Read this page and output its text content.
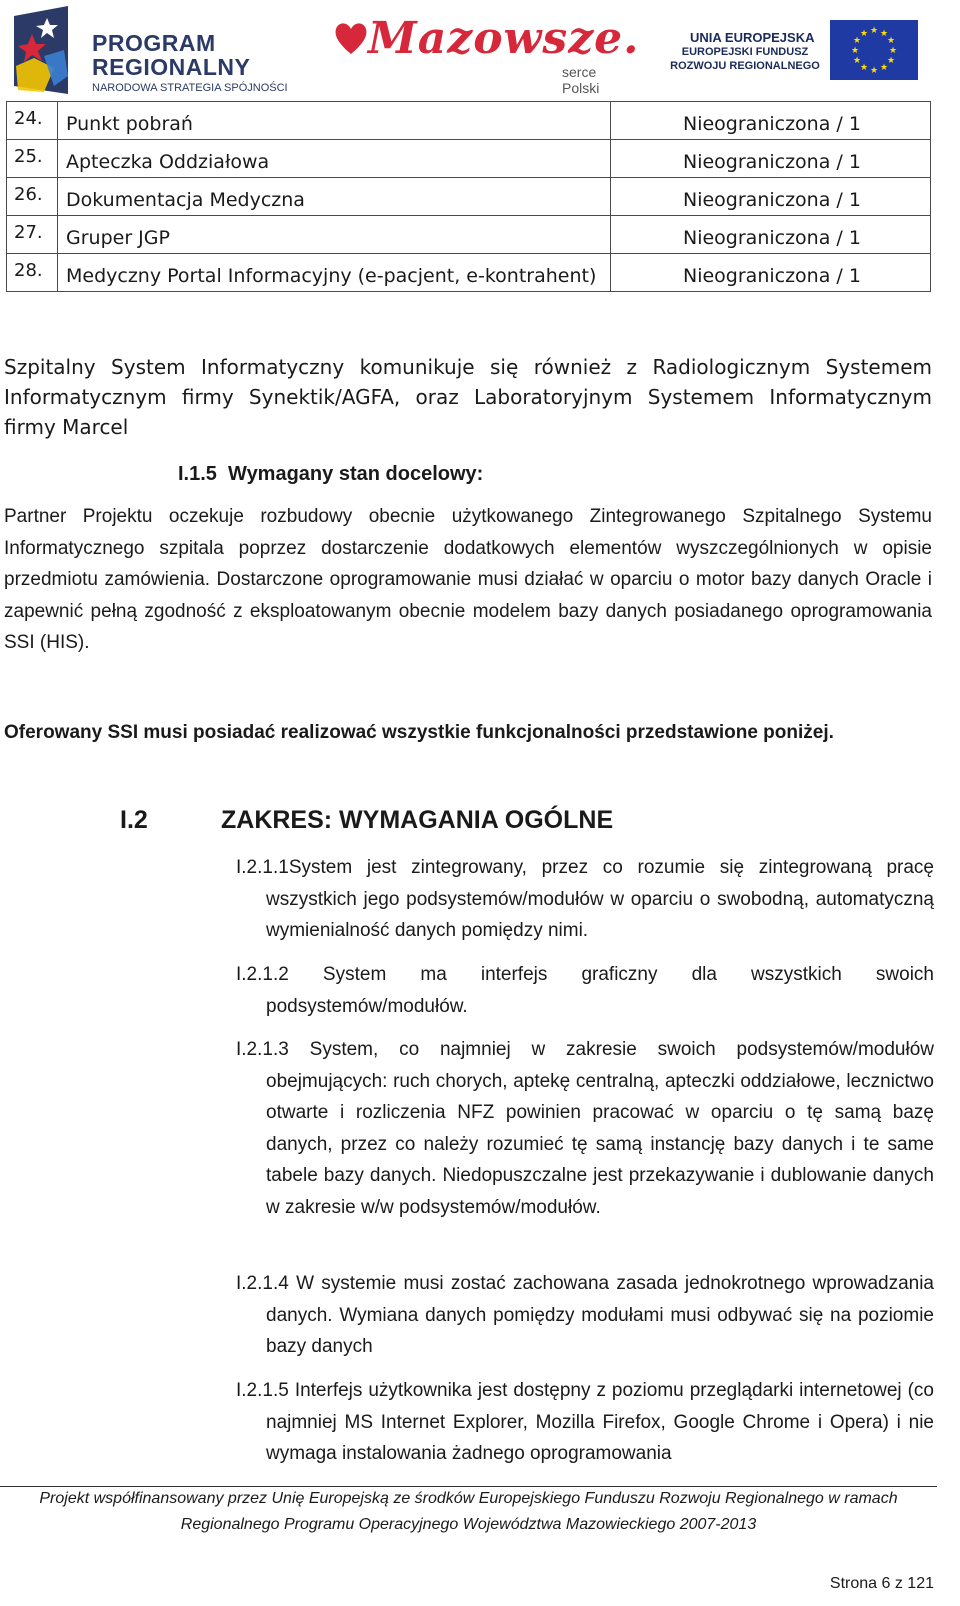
PROGRAM
REGIONALNY
NARODOWA STRATEGIA SPÓJNOŚCI
Mazowsze.
serce Polski
UNIA EUROPEJSKA
EUROPEJSKI FUNDUSZ
ROZWOJU REGIONALNEGO
★ ★
★
★
★
★
★
★
★
★
★
★
24.	Punkt pobrań	Nieograniczona / 1
25.	Apteczka Oddziałowa	Nieograniczona / 1
26.	Dokumentacja Medyczna	Nieograniczona / 1
27.	Gruper JGP	Nieograniczona / 1
28.	Medyczny Portal Informacyjny (e-pacjent, e-kontrahent)	Nieograniczona / 1
Szpitalny System Informatyczny komunikuje się również z Radiologicznym Systemem Informatycznym firmy Synektik/AGFA, oraz Laboratoryjnym Systemem Informatycznym firmy Marcel
I.1.5 Wymagany stan docelowy:
Partner Projektu oczekuje rozbudowy obecnie użytkowanego Zintegrowanego Szpitalnego Systemu Informatycznego szpitala poprzez dostarczenie dodatkowych elementów wyszczególnionych w opisie przedmiotu zamówienia. Dostarczone oprogramowanie musi działać w oparciu o motor bazy danych Oracle i zapewnić pełną zgodność z eksploatowanym obecnie modelem bazy danych posiadanego oprogramowania SSI (HIS).
Oferowany SSI musi posiadać realizować wszystkie funkcjonalności przedstawione poniżej.
I.2	ZAKRES: WYMAGANIA OGÓLNE
I.2.1.1System jest zintegrowany, przez co rozumie się zintegrowaną pracę wszystkich jego podsystemów/modułów w oparciu o swobodną, automatyczną wymienialność danych pomiędzy nimi.
I.2.1.2 System ma interfejs graficzny dla wszystkich swoich podsystemów/modułów.
I.2.1.3 System, co najmniej w zakresie swoich podsystemów/modułów obejmujących: ruch chorych, aptekę centralną, apteczki oddziałowe, lecznictwo otwarte i rozliczenia NFZ powinien pracować w oparciu o tę samą bazę danych, przez co należy rozumieć tę samą instancję bazy danych i te same tabele bazy danych. Niedopuszczalne jest przekazywanie i dublowanie danych w zakresie w/w podsystemów/modułów.
I.2.1.4 W systemie musi zostać zachowana zasada jednokrotnego wprowadzania danych. Wymiana danych pomiędzy modułami musi odbywać się na poziomie bazy danych
I.2.1.5 Interfejs użytkownika jest dostępny z poziomu przeglądarki internetowej (co najmniej MS Internet Explorer, Mozilla Firefox, Google Chrome i Opera) i nie wymaga instalowania żadnego oprogramowania
Projekt współfinansowany przez Unię Europejską ze środków Europejskiego Funduszu Rozwoju Regionalnego w ramach
Regionalnego Programu Operacyjnego Województwa Mazowieckiego 2007-2013
Strona 6 z 121
